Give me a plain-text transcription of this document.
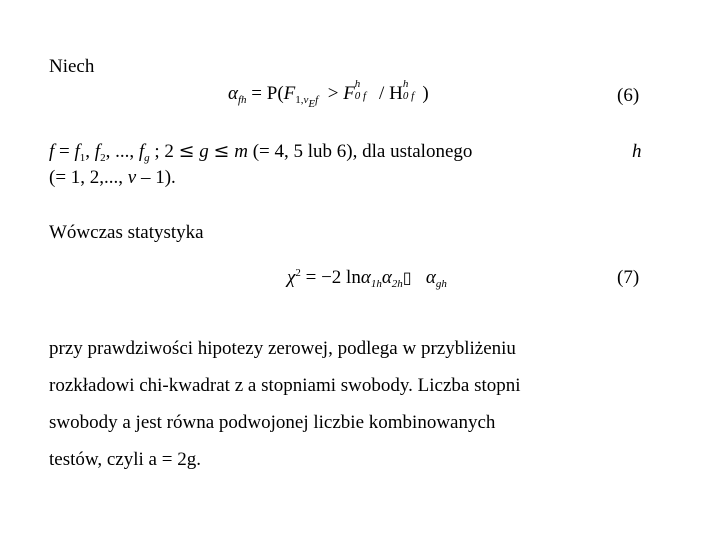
Niech
$\alpha_{fh} = P(F_{1,\nu_Ef} > F$ h
0 f / H h
0 f )	(6)
$f = f_1$, $f_2$, ..., $f_g$ ; 2 ≤ g ≤ m (= 4, 5 lub 6), dla ustalonego	h
(= 1, 2,..., v – 1).
Wówczas statystyka
$\chi^2 = -2$ $\ln\alpha_{1h}\alpha_{2h}▯$ $\alpha_{gh}$	(7)
przy prawdziwości hipotezy zerowej, podlega w przybliżeniu
rozkładowi chi-kwadrat z a stopniami swobody. Liczba stopni
swobody a jest równa podwojonej liczbie kombinowanych
testów, czyli a = 2g.
